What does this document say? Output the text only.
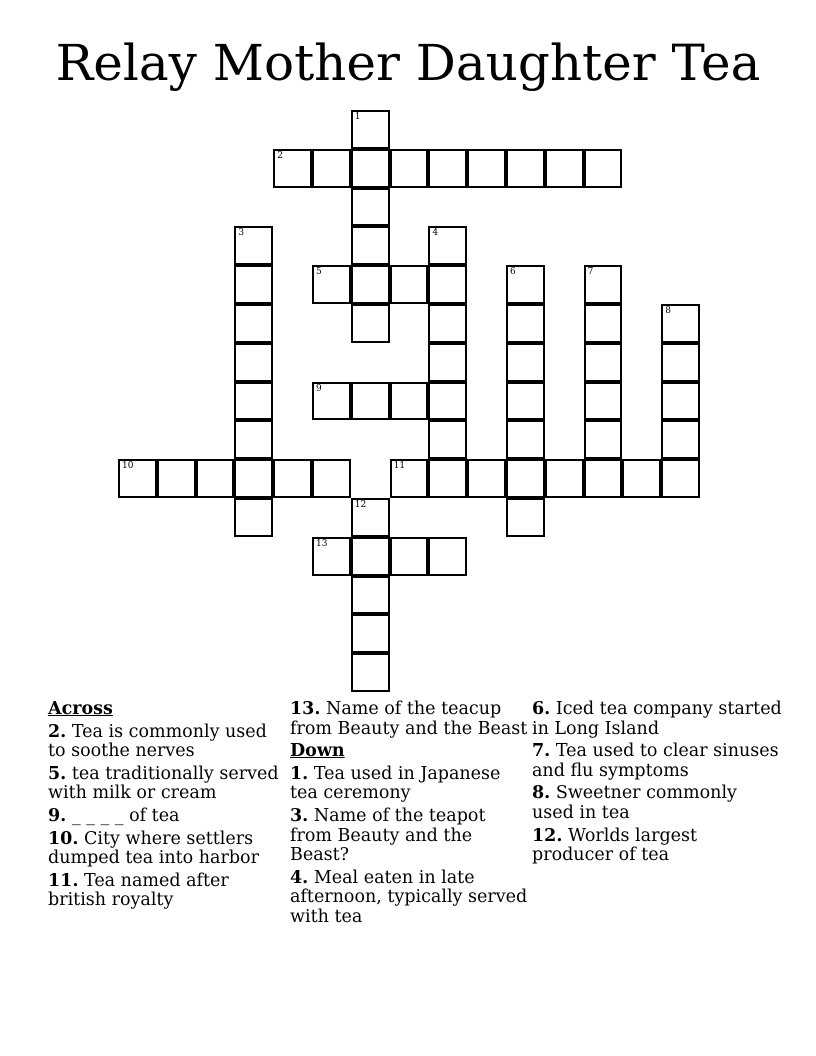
Relay Mother Daughter Tea
1
2
3	4
5	6	7
8
9
10	11
12
13
Across
2. Tea is commonly used to soothe nerves
5. tea traditionally served with milk or cream
9. _ _ _ _ of tea
10. City where settlers dumped tea into harbor
11. Tea named after british royalty
13. Name of the teacup from Beauty and the Beast
Down
1. Tea used in Japanese tea ceremony
3. Name of the teapot from Beauty and the Beast?
4. Meal eaten in late afternoon, typically served with tea
6. Iced tea company started in Long Island
7. Tea used to clear sinuses and flu symptoms
8. Sweetner commonly used in tea
12. Worlds largest producer of tea
